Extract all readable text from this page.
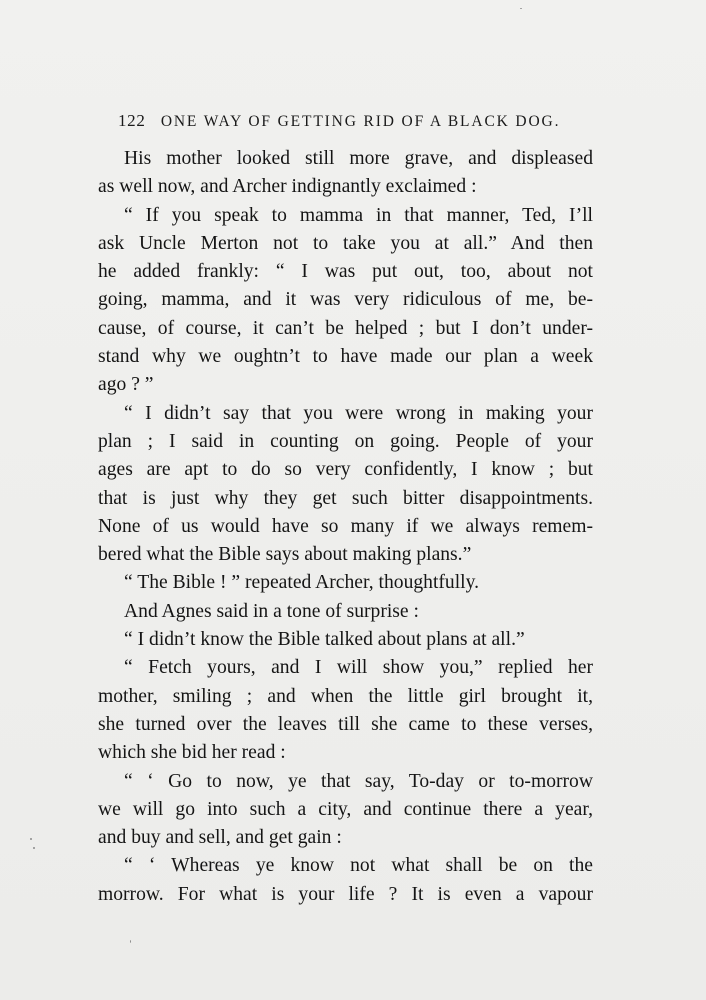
122 ONE WAY OF GETTING RID OF A BLACK DOG.
His mother looked still more grave, and displeased
as well now, and Archer indignantly exclaimed :
“ If you speak to mamma in that manner, Ted, I’ll
ask Uncle Merton not to take you at all.” And then
he added frankly: “ I was put out, too, about not
going, mamma, and it was very ridiculous of me, be-
cause, of course, it can’t be helped ; but I don’t under-
stand why we oughtn’t to have made our plan a week
ago ? ”
“ I didn’t say that you were wrong in making your
plan ; I said in counting on going. People of your
ages are apt to do so very confidently, I know ; but
that is just why they get such bitter disappointments.
None of us would have so many if we always remem-
bered what the Bible says about making plans.”
“ The Bible ! ” repeated Archer, thoughtfully.
And Agnes said in a tone of surprise :
“ I didn’t know the Bible talked about plans at all.”
“ Fetch yours, and I will show you,” replied her
mother, smiling ; and when the little girl brought it,
she turned over the leaves till she came to these verses,
which she bid her read :
“ ‘ Go to now, ye that say, To-day or to-morrow
we will go into such a city, and continue there a year,
and buy and sell, and get gain :
“ ‘ Whereas ye know not what shall be on the
morrow. For what is your life ? It is even a vapour
